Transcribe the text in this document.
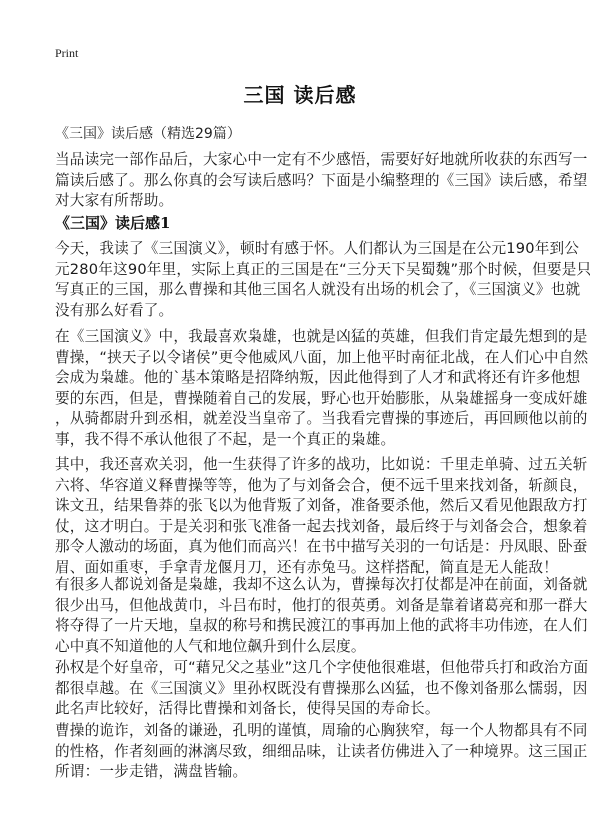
Print
三国 读后感
《三国》读后感（精选29篇）
当品读完一部作品后，大家心中一定有不少感悟，需要好好地就所收获的东西写一
篇读后感了。那么你真的会写读后感吗？下面是小编整理的《三国》读后感，希望
对大家有所帮助。
《三国》读后感1
今天，我读了《三国演义》，顿时有感于怀。人们都认为三国是在公元190年到公
元280年这90年里，实际上真正的三国是在“三分天下吴蜀魏”那个时候，但要是只
写真正的三国，那么曹操和其他三国名人就没有出场的机会了，《三国演义》也就
没有那么好看了。
在《三国演义》中，我最喜欢枭雄，也就是凶猛的英雄，但我们肯定最先想到的是
曹操，“挟天子以令诸侯”更令他威风八面，加上他平时南征北战，在人们心中自然
会成为枭雄。他的`基本策略是招降纳叛，因此他得到了人才和武将还有许多他想
要的东西，但是，曹操随着自己的发展，野心也开始膨胀，从枭雄摇身一变成奸雄
，从骑都尉升到丞相，就差没当皇帝了。当我看完曹操的事迹后，再回顾他以前的
事，我不得不承认他很了不起，是一个真正的枭雄。
其中，我还喜欢关羽，他一生获得了许多的战功，比如说：千里走单骑、过五关斩
六将、华容道义释曹操等等，他为了与刘备会合，便不远千里来找刘备，斩颜良，
诛文丑，结果鲁莽的张飞以为他背叛了刘备，准备要杀他，然后又看见他跟敌方打
仗，这才明白。于是关羽和张飞准备一起去找刘备，最后终于与刘备会合，想象着
那令人激动的场面，真为他们而高兴！在书中描写关羽的一句话是：丹凤眼、卧蚕
眉、面如重枣，手拿青龙偃月刀，还有赤兔马。这样搭配，简直是无人能敌！
有很多人都说刘备是枭雄，我却不这么认为，曹操每次打仗都是冲在前面，刘备就
很少出马，但他战黄巾，斗吕布时，他打的很英勇。刘备是靠着诸葛亮和那一群大
将夺得了一片天地，皇叔的称号和携民渡江的事再加上他的武将丰功伟迹，在人们
心中真不知道他的人气和地位飙升到什么层度。
孙权是个好皇帝，可“藉兄父之基业”这几个字使他很难堪，但他带兵打和政治方面
都很卓越。在《三国演义》里孙权既没有曹操那么凶猛，也不像刘备那么懦弱，因
此名声比较好，活得比曹操和刘备长，使得吴国的寿命长。
曹操的诡诈，刘备的谦逊，孔明的谨慎，周瑜的心胸狭窄，每一个人物都具有不同
的性格，作者刻画的淋漓尽致，细细品味，让读者仿佛进入了一种境界。这三国正
所谓：一步走错，满盘皆输。
